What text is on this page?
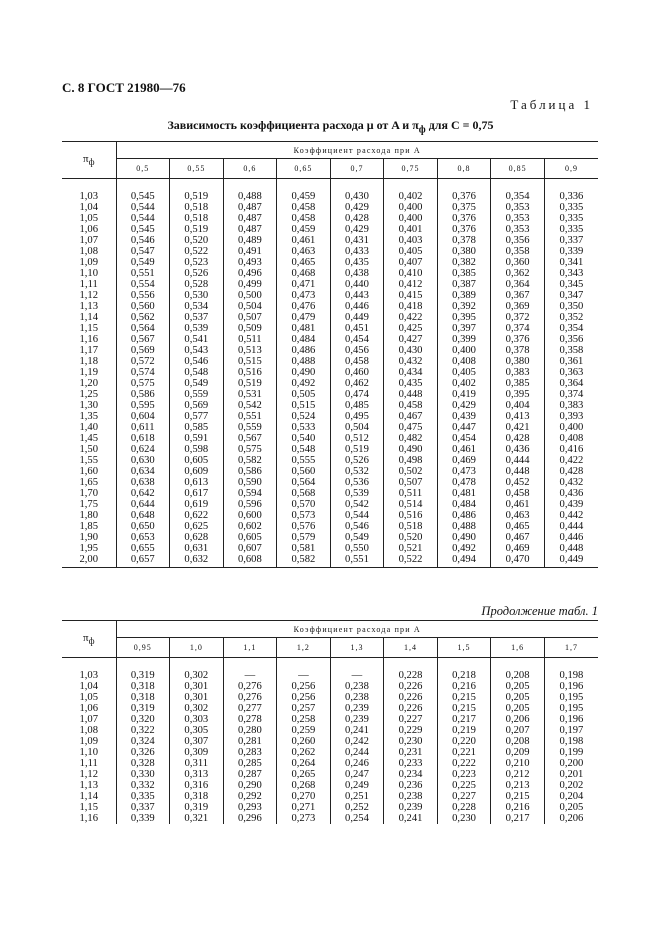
С. 8 ГОСТ 21980—76
Таблица 1
Зависимость коэффициента расхода μ от A и $\pi_ф$ для C = 0,75
$\pi_ф$	Коэффициент расхода при A								
	0,5	0,55	0,6	0,65	0,7	0,75	0,8	0,85	0,9

1,03	0,545	0,519	0,488	0,459	0,430	0,402	0,376	0,354	0,336
1,04	0,544	0,518	0,487	0,458	0,429	0,400	0,375	0,353	0,335
1,05	0,544	0,518	0,487	0,458	0,428	0,400	0,376	0,353	0,335
1,06	0,545	0,519	0,487	0,459	0,429	0,401	0,376	0,353	0,335
1,07	0,546	0,520	0,489	0,461	0,431	0,403	0,378	0,356	0,337
1,08	0,547	0,522	0,491	0,463	0,433	0,405	0,380	0,358	0,339
1,09	0,549	0,523	0,493	0,465	0,435	0,407	0,382	0,360	0,341
1,10	0,551	0,526	0,496	0,468	0,438	0,410	0,385	0,362	0,343
1,11	0,554	0,528	0,499	0,471	0,440	0,412	0,387	0,364	0,345
1,12	0,556	0,530	0,500	0,473	0,443	0,415	0,389	0,367	0,347
1,13	0,560	0,534	0,504	0,476	0,446	0,418	0,392	0,369	0,350
1,14	0,562	0,537	0,507	0,479	0,449	0,422	0,395	0,372	0,352
1,15	0,564	0,539	0,509	0,481	0,451	0,425	0,397	0,374	0,354
1,16	0,567	0,541	0,511	0,484	0,454	0,427	0,399	0,376	0,356
1,17	0,569	0,543	0,513	0,486	0,456	0,430	0,400	0,378	0,358
1,18	0,572	0,546	0,515	0,488	0,458	0,432	0,408	0,380	0,361
1,19	0,574	0,548	0,516	0,490	0,460	0,434	0,405	0,383	0,363
1,20	0,575	0,549	0,519	0,492	0,462	0,435	0,402	0,385	0,364
1,25	0,586	0,559	0,531	0,505	0,474	0,448	0,419	0,395	0,374
1,30	0,595	0,569	0,542	0,515	0,485	0,458	0,429	0,404	0,383
1,35	0,604	0,577	0,551	0,524	0,495	0,467	0,439	0,413	0,393
1,40	0,611	0,585	0,559	0,533	0,504	0,475	0,447	0,421	0,400
1,45	0,618	0,591	0,567	0,540	0,512	0,482	0,454	0,428	0,408
1,50	0,624	0,598	0,575	0,548	0,519	0,490	0,461	0,436	0,416
1,55	0,630	0,605	0,582	0,555	0,526	0,498	0,469	0,444	0,422
1,60	0,634	0,609	0,586	0,560	0,532	0,502	0,473	0,448	0,428
1,65	0,638	0,613	0,590	0,564	0,536	0,507	0,478	0,452	0,432
1,70	0,642	0,617	0,594	0,568	0,539	0,511	0,481	0,458	0,436
1,75	0,644	0,619	0,596	0,570	0,542	0,514	0,484	0,461	0,439
1,80	0,648	0,622	0,600	0,573	0,544	0,516	0,486	0,463	0,442
1,85	0,650	0,625	0,602	0,576	0,546	0,518	0,488	0,465	0,444
1,90	0,653	0,628	0,605	0,579	0,549	0,520	0,490	0,467	0,446
1,95	0,655	0,631	0,607	0,581	0,550	0,521	0,492	0,469	0,448
2,00	0,657	0,632	0,608	0,582	0,551	0,522	0,494	0,470	0,449
Продолжение табл. 1
$\pi_ф$	Коэффициент расхода при A								
	0,95	1,0	1,1	1,2	1,3	1,4	1,5	1,6	1,7

1,03	0,319	0,302	—	—	—	0,228	0,218	0,208	0,198
1,04	0,318	0,301	0,276	0,256	0,238	0,226	0,216	0,205	0,196
1,05	0,318	0,301	0,276	0,256	0,238	0,226	0,215	0,205	0,195
1,06	0,319	0,302	0,277	0,257	0,239	0,226	0,215	0,205	0,195
1,07	0,320	0,303	0,278	0,258	0,239	0,227	0,217	0,206	0,196
1,08	0,322	0,305	0,280	0,259	0,241	0,229	0,219	0,207	0,197
1,09	0,324	0,307	0,281	0,260	0,242	0,230	0,220	0,208	0,198
1,10	0,326	0,309	0,283	0,262	0,244	0,231	0,221	0,209	0,199
1,11	0,328	0,311	0,285	0,264	0,246	0,233	0,222	0,210	0,200
1,12	0,330	0,313	0,287	0,265	0,247	0,234	0,223	0,212	0,201
1,13	0,332	0,316	0,290	0,268	0,249	0,236	0,225	0,213	0,202
1,14	0,335	0,318	0,292	0,270	0,251	0,238	0,227	0,215	0,204
1,15	0,337	0,319	0,293	0,271	0,252	0,239	0,228	0,216	0,205
1,16	0,339	0,321	0,296	0,273	0,254	0,241	0,230	0,217	0,206
